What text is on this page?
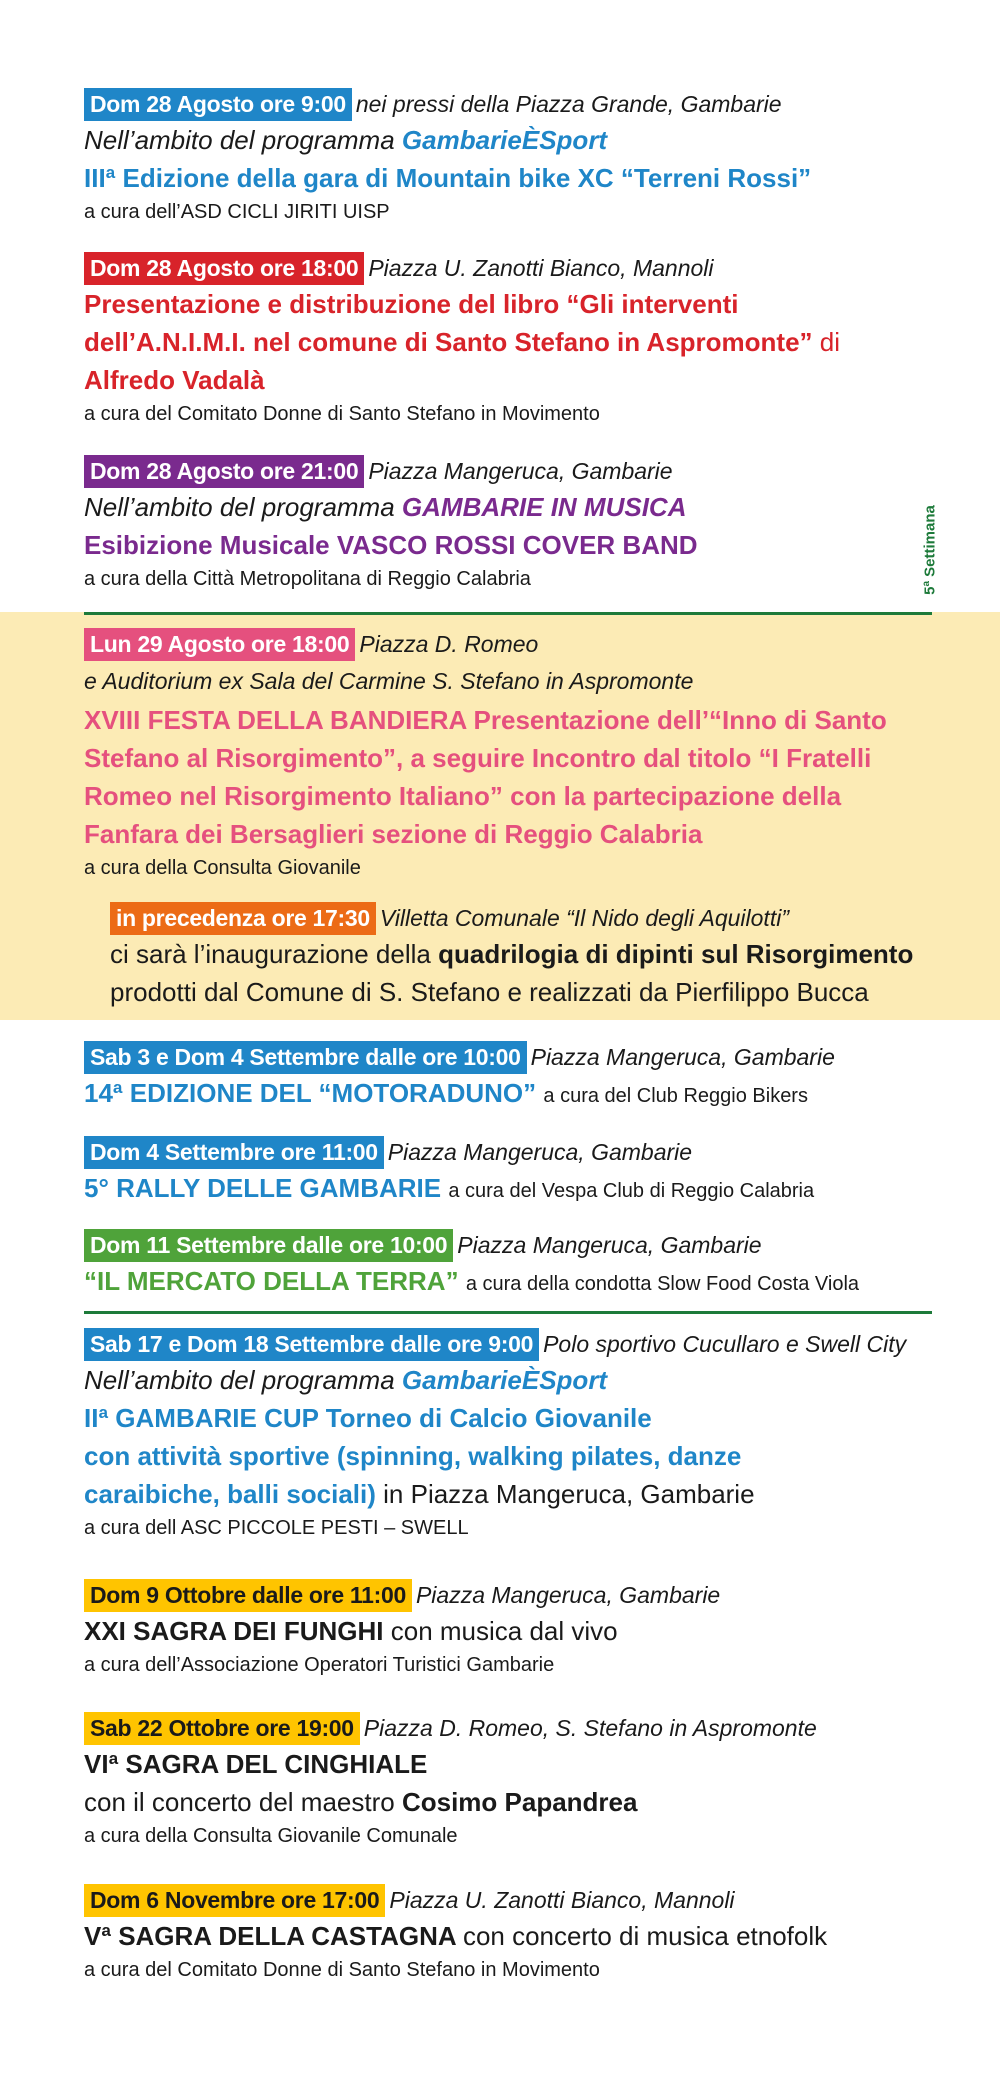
5ª Settimana
Dom 28 Agosto ore 9:00 nei pressi della Piazza Grande, Gambarie
Nell’ambito del programma GambarieÈSport
IIIª Edizione della gara di Mountain bike XC “Terreni Rossi”
a cura dell’ASD CICLI JIRITI UISP
Dom 28 Agosto ore 18:00 Piazza U. Zanotti Bianco, Mannoli
Presentazione e distribuzione del libro “Gli interventi
dell’A.N.I.M.I. nel comune di Santo Stefano in Aspromonte” di
Alfredo Vadalà
a cura del Comitato Donne di Santo Stefano in Movimento
Dom 28 Agosto ore 21:00 Piazza Mangeruca, Gambarie
Nell’ambito del programma GAMBARIE IN MUSICA
Esibizione Musicale VASCO ROSSI COVER BAND
a cura della Città Metropolitana di Reggio Calabria
Lun 29 Agosto ore 18:00 Piazza D. Romeo
e Auditorium ex Sala del Carmine S. Stefano in Aspromonte
XVIII FESTA DELLA BANDIERA Presentazione dell’“Inno di Santo
Stefano al Risorgimento”, a seguire Incontro dal titolo “I Fratelli
Romeo nel Risorgimento Italiano” con la partecipazione della
Fanfara dei Bersaglieri sezione di Reggio Calabria
a cura della Consulta Giovanile
in precedenza ore 17:30 Villetta Comunale “Il Nido degli Aquilotti”
ci sarà l’inaugurazione della quadrilogia di dipinti sul Risorgimento
prodotti dal Comune di S. Stefano e realizzati da Pierfilippo Bucca
Sab 3 e Dom 4 Settembre dalle ore 10:00 Piazza Mangeruca, Gambarie
14ª EDIZIONE DEL “MOTORADUNO” a cura del Club Reggio Bikers
Dom 4 Settembre ore 11:00 Piazza Mangeruca, Gambarie
5° RALLY DELLE GAMBARIE a cura del Vespa Club di Reggio Calabria
Dom 11 Settembre dalle ore 10:00 Piazza Mangeruca, Gambarie
“IL MERCATO DELLA TERRA” a cura della condotta Slow Food Costa Viola
Sab 17 e Dom 18 Settembre dalle ore 9:00 Polo sportivo Cucullaro e Swell City
Nell’ambito del programma GambarieÈSport
IIª GAMBARIE CUP Torneo di Calcio Giovanile
con attività sportive (spinning, walking pilates, danze
caraibiche, balli sociali) in Piazza Mangeruca, Gambarie
a cura dell ASC PICCOLE PESTI – SWELL
Dom 9 Ottobre dalle ore 11:00 Piazza Mangeruca, Gambarie
XXI SAGRA DEI FUNGHI con musica dal vivo
a cura dell’Associazione Operatori Turistici Gambarie
Sab 22 Ottobre ore 19:00 Piazza D. Romeo, S. Stefano in Aspromonte
VIª SAGRA DEL CINGHIALE
con il concerto del maestro Cosimo Papandrea
a cura della Consulta Giovanile Comunale
Dom 6 Novembre ore 17:00 Piazza U. Zanotti Bianco, Mannoli
Vª SAGRA DELLA CASTAGNA con concerto di musica etnofolk
a cura del Comitato Donne di Santo Stefano in Movimento
